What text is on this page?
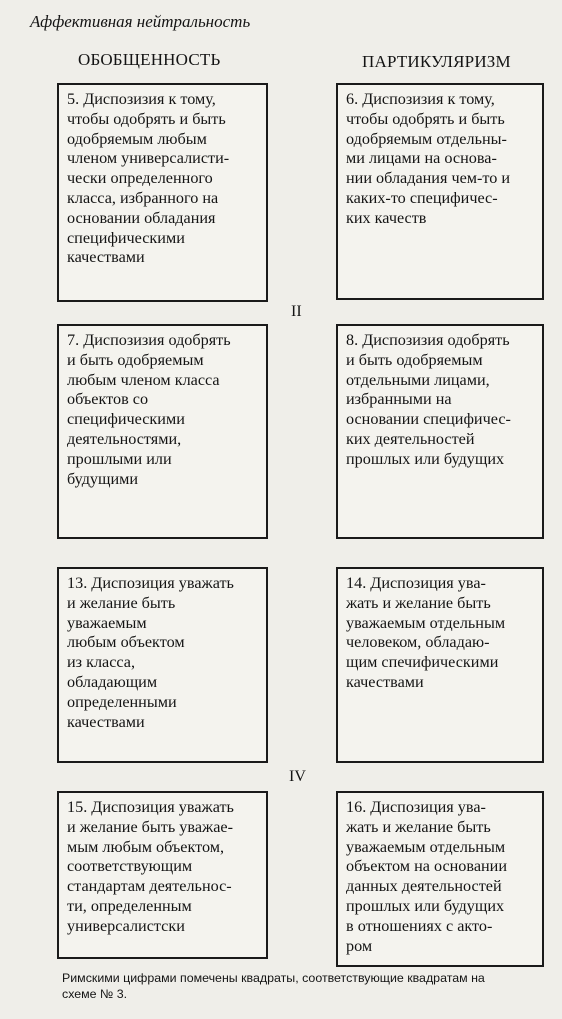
Аффективная нейтральность
ОБОБЩЕННОСТЬ	ПАРТИКУЛЯРИЗМ
5. Диспозизия к тому,
чтобы одобрять и быть
одобряемым любым
членом универсалисти-
чески определенного
класса, избранного на
основании обладания
специфическими
качествами
6. Диспозизия к тому,
чтобы одобрять и быть
одобряемым отдельны-
ми лицами на основа-
нии обладания чем-то и
каких-то специфичес-
ких качеств
II
7. Диспозизия одобрять
и быть одобряемым
любым членом класса
объектов со
специфическими
деятельностями,
прошлыми или
будущими
8. Диспозизия одобрять
и быть одобряемым
отдельными лицами,
избранными на
основании специфичес-
ких деятельностей
прошлых или будущих
13. Диспозиция уважать
и желание быть
уважаемым
любым объектом
из класса,
обладающим
определенными
качествами
14. Диспозиция ува-
жать и желание быть
уважаемым отдельным
человеком, обладаю-
щим спечифическими
качествами
IV
15. Диспозиция уважать
и желание быть уважае-
мым любым объектом,
соответствующим
стандартам деятельнос-
ти, определенным
универсалистски
16. Диспозиция ува-
жать и желание быть
уважаемым отдельным
объектом на основании
данных деятельностей
прошлых или будущих
в отношениях с акто-
ром
Римскими цифрами помечены квадраты, соответствующие квадратам на
схеме № 3.
